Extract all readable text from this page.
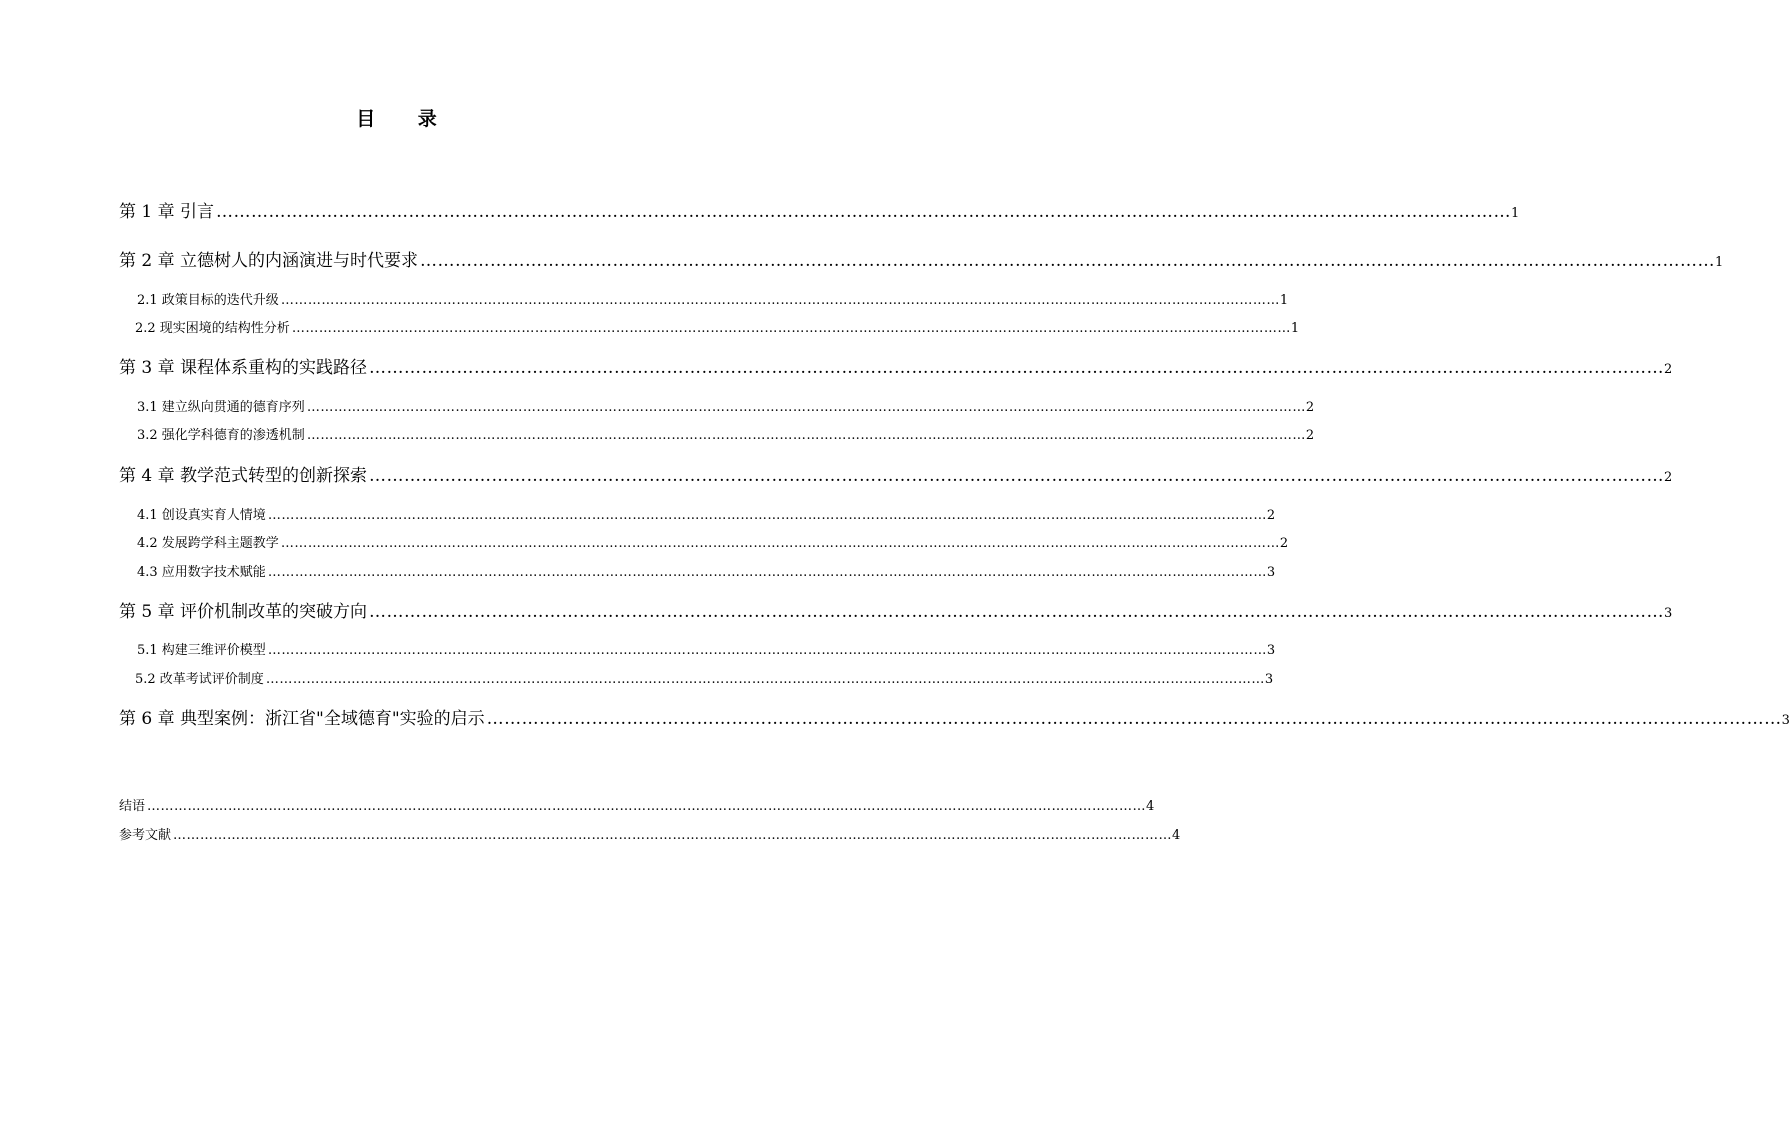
目 录
第 1 章 引言 …………………………………………………………………………………………………………………………………………………………………………………………………… 1
第 2 章 立德树人的内涵演进与时代要求 …………………………………………………………………………………………………………………………………………………………………………………………………… 1
2.1 政策目标的迭代升级 …………………………………………………………………………………………………………………………………………………………………………………………………… 1
2.2 现实困境的结构性分析 …………………………………………………………………………………………………………………………………………………………………………………………………… 1
第 3 章 课程体系重构的实践路径 …………………………………………………………………………………………………………………………………………………………………………………………………… 2
3.1 建立纵向贯通的德育序列 …………………………………………………………………………………………………………………………………………………………………………………………………… 2
3.2 强化学科德育的渗透机制 …………………………………………………………………………………………………………………………………………………………………………………………………… 2
第 4 章 教学范式转型的创新探索 …………………………………………………………………………………………………………………………………………………………………………………………………… 2
4.1 创设真实育人情境 …………………………………………………………………………………………………………………………………………………………………………………………………… 2
4.2 发展跨学科主题教学 …………………………………………………………………………………………………………………………………………………………………………………………………… 2
4.3 应用数字技术赋能 …………………………………………………………………………………………………………………………………………………………………………………………………… 3
第 5 章 评价机制改革的突破方向 …………………………………………………………………………………………………………………………………………………………………………………………………… 3
5.1 构建三维评价模型 …………………………………………………………………………………………………………………………………………………………………………………………………… 3
5.2 改革考试评价制度 …………………………………………………………………………………………………………………………………………………………………………………………………… 3
第 6 章 典型案例：浙江省"全域德育"实验的启示 …………………………………………………………………………………………………………………………………………………………………………………………………… 3
结语 …………………………………………………………………………………………………………………………………………………………………………………………………… 4
参考文献 …………………………………………………………………………………………………………………………………………………………………………………………………… 4
